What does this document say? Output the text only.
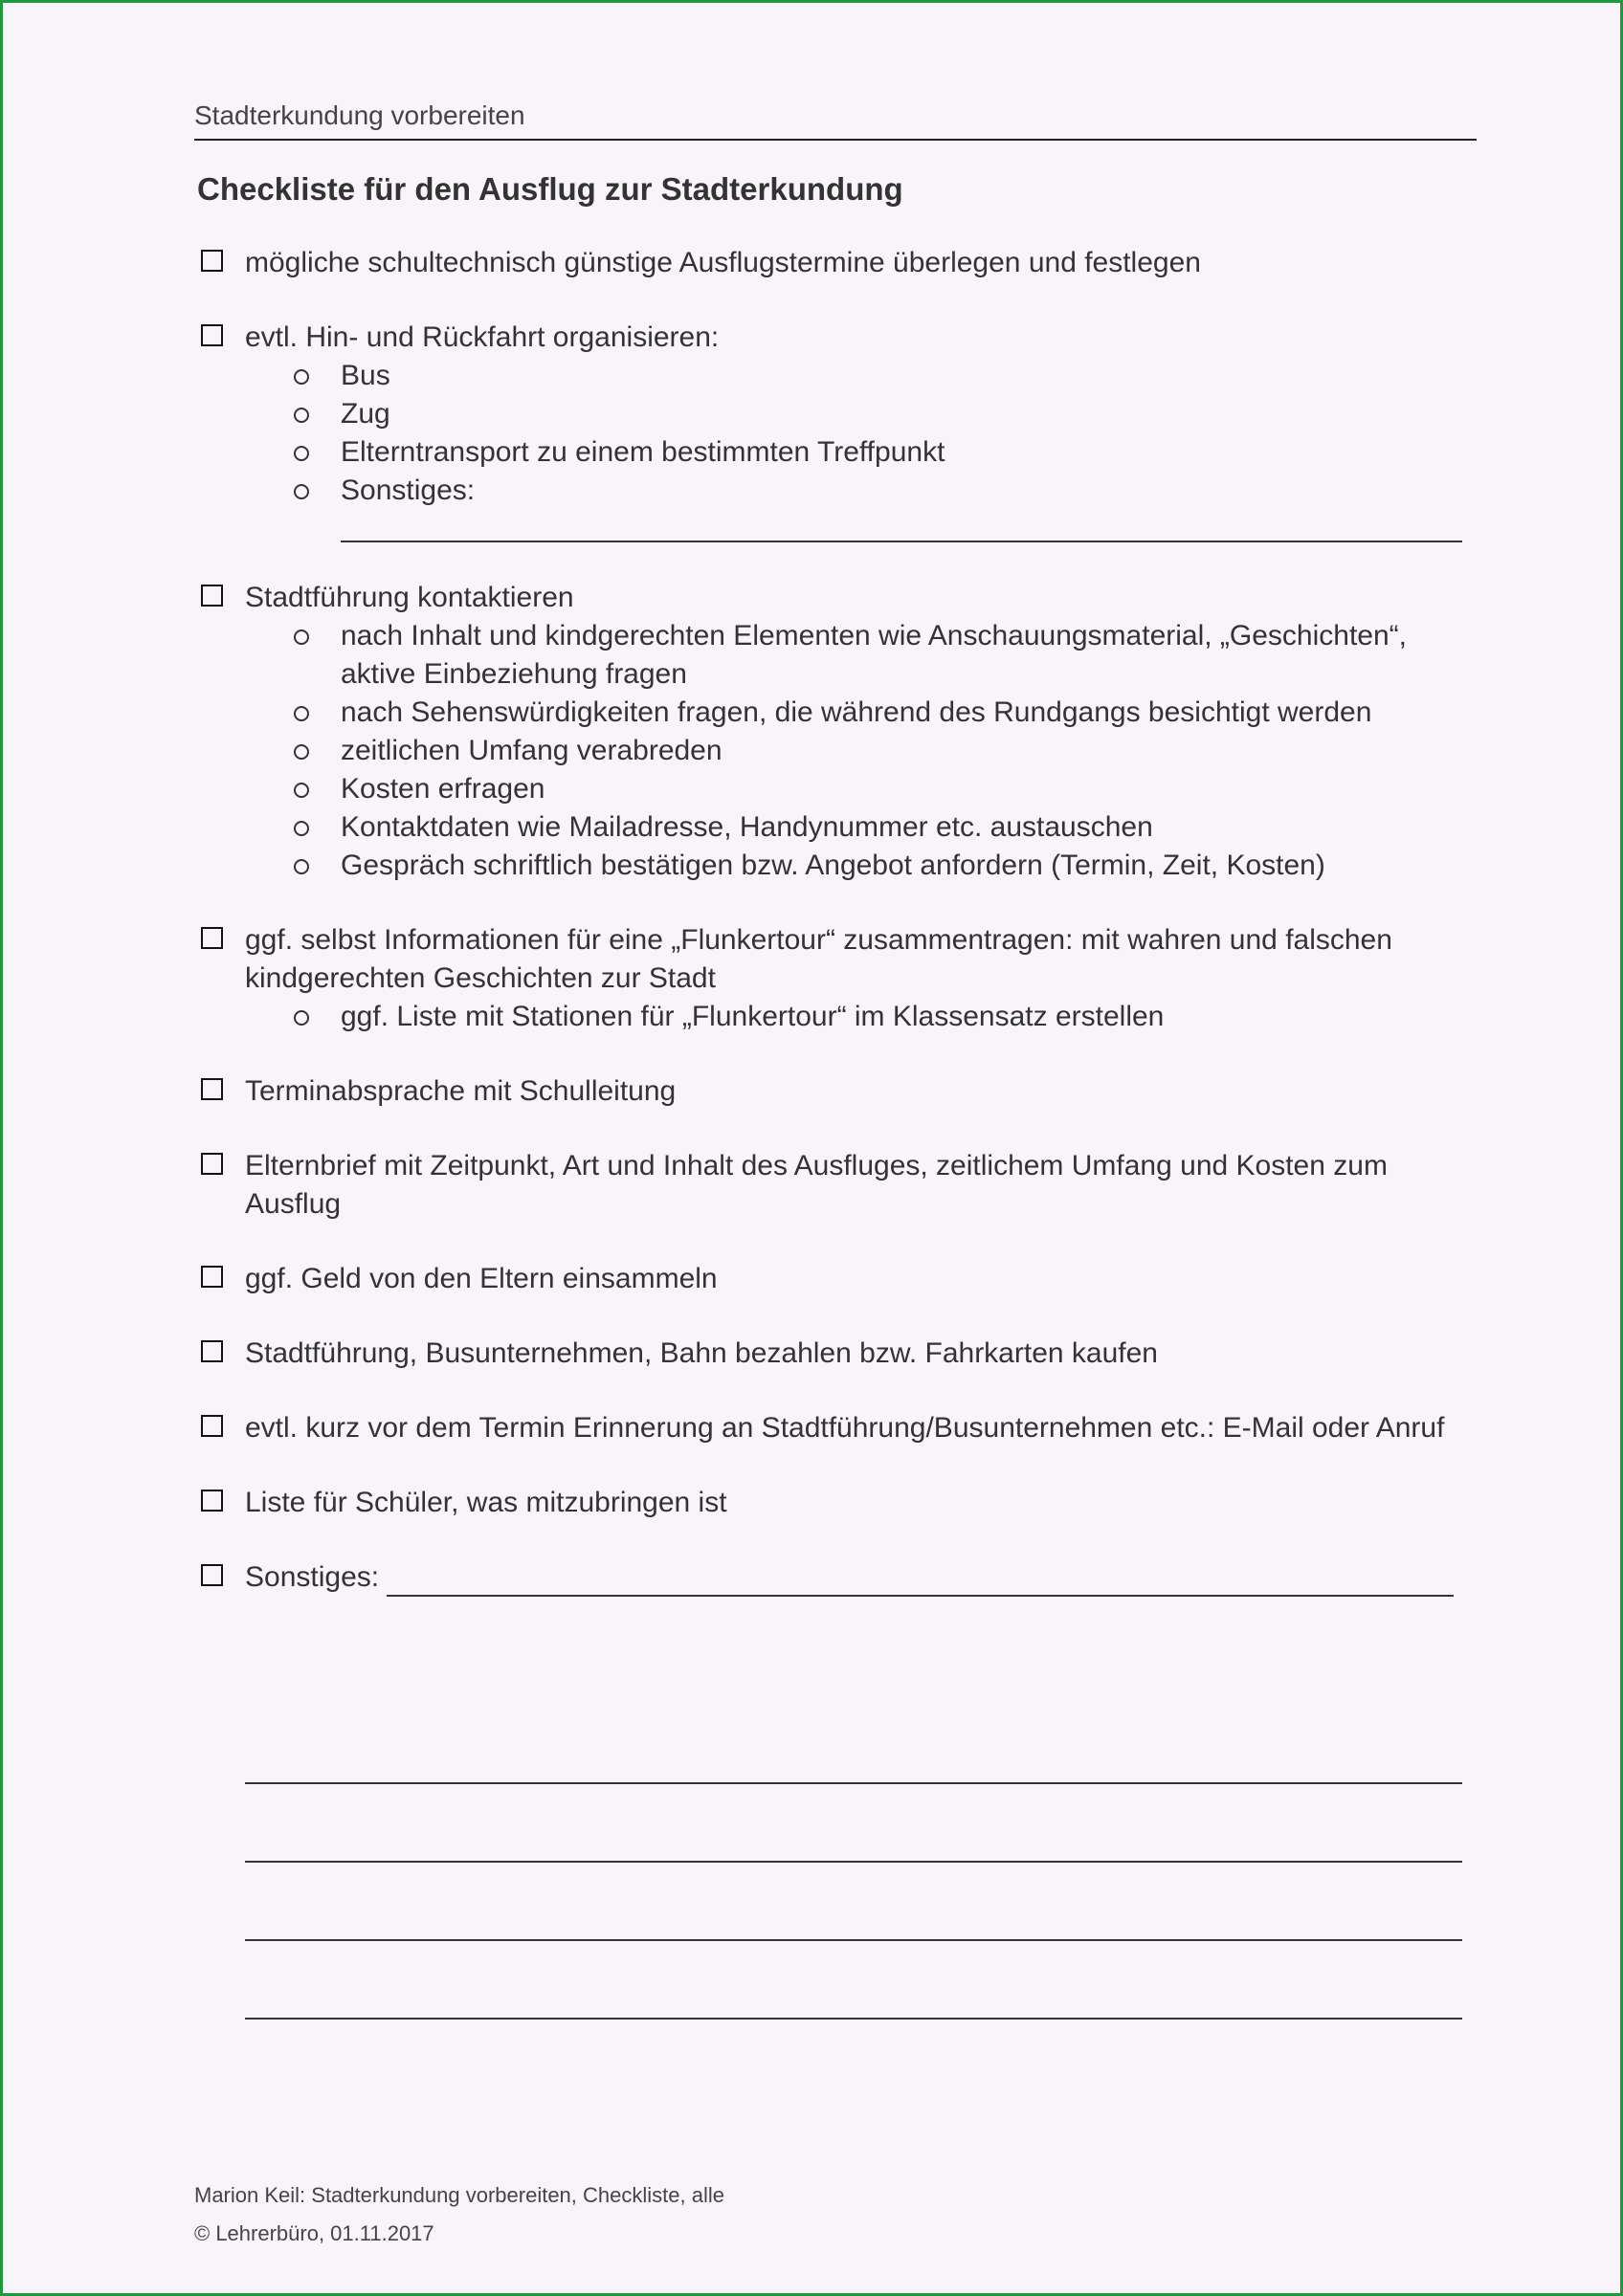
Stadterkundung vorbereiten
Checkliste für den Ausflug zur Stadterkundung
mögliche schultechnisch günstige Ausflugstermine überlegen und festlegen
evtl. Hin- und Rückfahrt organisieren:
Bus
Zug
Elterntransport zu einem bestimmten Treffpunkt
Sonstiges:
Stadtführung kontaktieren
nach Inhalt und kindgerechten Elementen wie Anschauungsmaterial, „Geschichten“, aktive Einbeziehung fragen
nach Sehenswürdigkeiten fragen, die während des Rundgangs besichtigt werden
zeitlichen Umfang verabreden
Kosten erfragen
Kontaktdaten wie Mailadresse, Handynummer etc. austauschen
Gespräch schriftlich bestätigen bzw. Angebot anfordern (Termin, Zeit, Kosten)
ggf. selbst Informationen für eine „Flunkertour“ zusammentragen: mit wahren und falschen kindgerechten Geschichten zur Stadt
ggf. Liste mit Stationen für „Flunkertour“ im Klassensatz erstellen
Terminabsprache mit Schulleitung
Elternbrief mit Zeitpunkt, Art und Inhalt des Ausfluges, zeitlichem Umfang und Kosten zum Ausflug
ggf. Geld von den Eltern einsammeln
Stadtführung, Busunternehmen, Bahn bezahlen bzw. Fahrkarten kaufen
evtl. kurz vor dem Termin Erinnerung an Stadtführung/Busunternehmen etc.: E-Mail oder Anruf
Liste für Schüler, was mitzubringen ist
Sonstiges:
Marion Keil: Stadterkundung vorbereiten, Checkliste, alle
© Lehrerbüro, 01.11.2017
